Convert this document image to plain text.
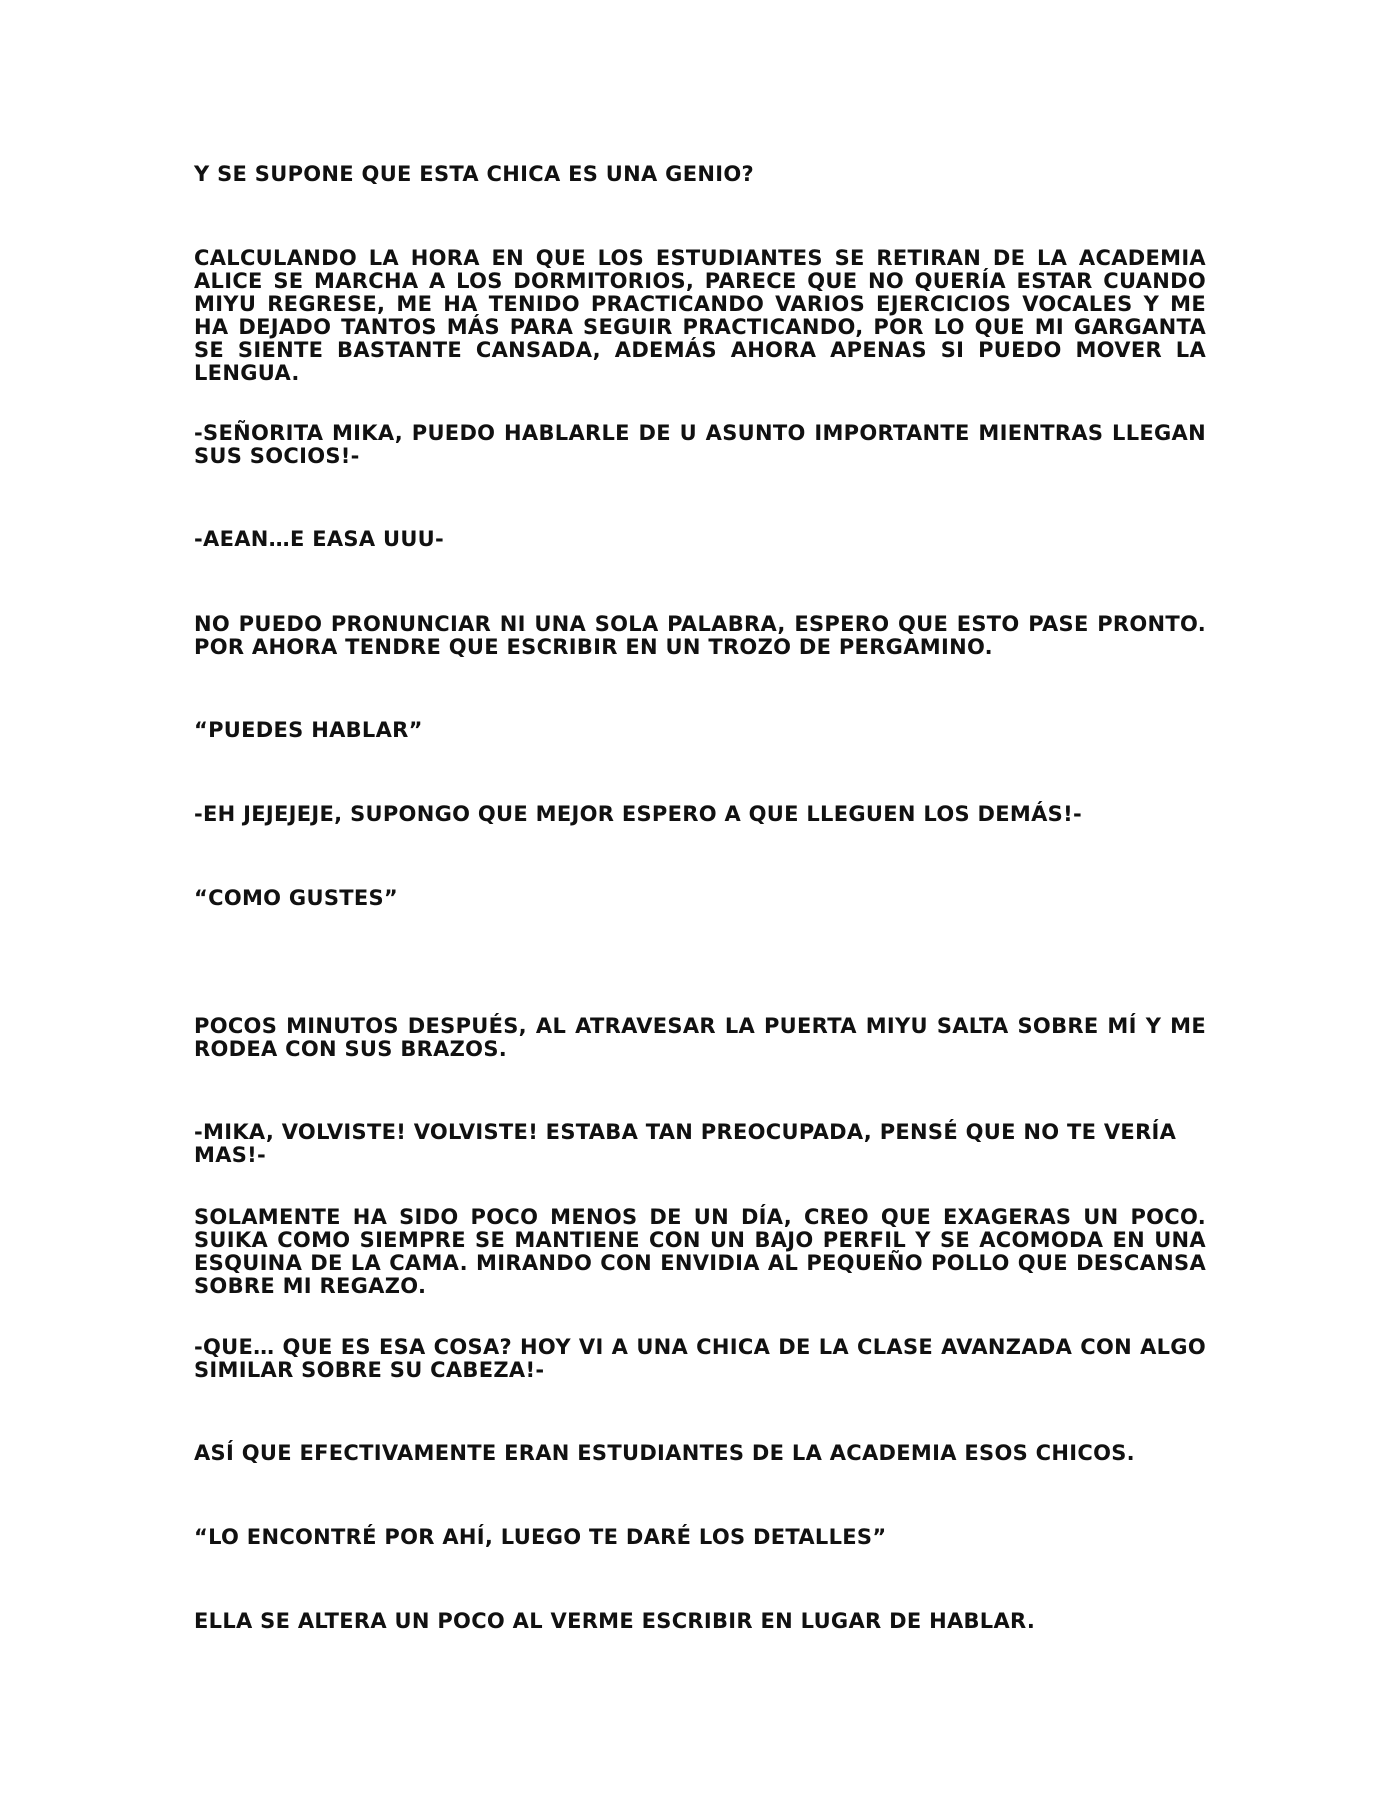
Y SE SUPONE QUE ESTA CHICA ES UNA GENIO?

CALCULANDO LA HORA EN QUE LOS ESTUDIANTES SE RETIRAN DE LA ACADEMIA ALICE SE MARCHA A LOS DORMITORIOS, PARECE QUE NO QUERÍA ESTAR CUANDO MIYU REGRESE, ME HA TENIDO PRACTICANDO VARIOS EJERCICIOS VOCALES Y ME HA DEJADO TANTOS MÁS PARA SEGUIR PRACTICANDO, POR LO QUE MI GARGANTA SE SIENTE BASTANTE CANSADA, ADEMÁS AHORA APENAS SI PUEDO MOVER LA LENGUA.

-SEÑORITA MIKA, PUEDO HABLARLE DE U ASUNTO IMPORTANTE MIENTRAS LLEGAN SUS SOCIOS!-

-AEAN…E EASA UUU-

NO PUEDO PRONUNCIAR NI UNA SOLA PALABRA, ESPERO QUE ESTO PASE PRONTO. POR AHORA TENDRE QUE ESCRIBIR EN UN TROZO DE PERGAMINO.

“PUEDES HABLAR”

-EH JEJEJEJE, SUPONGO QUE MEJOR ESPERO A QUE LLEGUEN LOS DEMÁS!-

“COMO GUSTES”

POCOS MINUTOS DESPUÉS, AL ATRAVESAR LA PUERTA MIYU SALTA SOBRE MÍ Y ME RODEA CON SUS BRAZOS.

-MIKA, VOLVISTE! VOLVISTE! ESTABA TAN PREOCUPADA, PENSÉ QUE NO TE VERÍA MAS!-

SOLAMENTE HA SIDO POCO MENOS DE UN DÍA, CREO QUE EXAGERAS UN POCO. SUIKA COMO SIEMPRE SE MANTIENE CON UN BAJO PERFIL Y SE ACOMODA EN UNA ESQUINA DE LA CAMA. MIRANDO CON ENVIDIA AL PEQUEÑO POLLO QUE DESCANSA SOBRE MI REGAZO.

-QUE… QUE ES ESA COSA? HOY VI A UNA CHICA DE LA CLASE AVANZADA CON ALGO SIMILAR SOBRE SU CABEZA!-

ASÍ QUE EFECTIVAMENTE ERAN ESTUDIANTES DE LA ACADEMIA ESOS CHICOS.

“LO ENCONTRÉ POR AHÍ, LUEGO TE DARÉ LOS DETALLES”

ELLA SE ALTERA UN POCO AL VERME ESCRIBIR EN LUGAR DE HABLAR.
